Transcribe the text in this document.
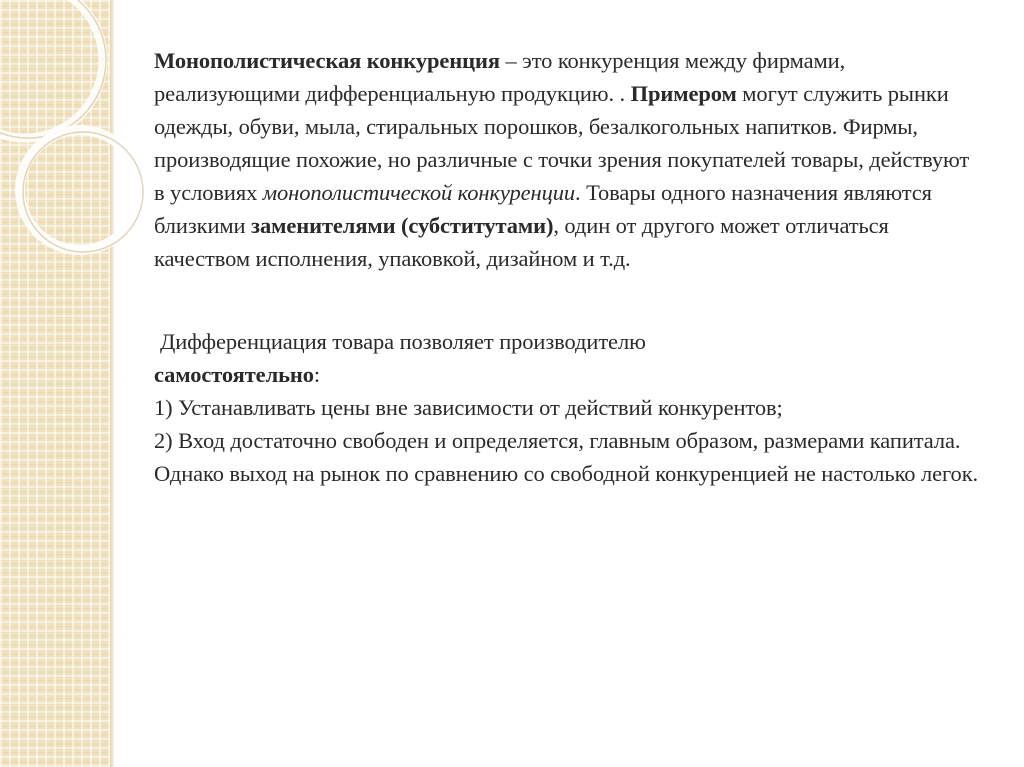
Монополистическая конкуренция – это конкуренция между фирмами, реализующими дифференциальную продукцию. . Примером могут служить рынки одежды, обуви, мыла, стиральных порошков, безалкогольных напитков. Фирмы, производящие похожие, но различные с точки зрения покупателей товары, действуют в условиях монополистической конкуренции. Товары одного назначения являются близкими заменителями (субститутами), один от другого может отличаться качеством исполнения, упаковкой, дизайном и т.д.

Дифференциация товара позволяет производителю

самостоятельно:

1) Устанавливать цены вне зависимости от действий конкурентов;

2) Вход достаточно свободен и определяется, главным образом, размерами капитала. Однако выход на рынок по сравнению со свободной конкуренцией не настолько легок.
